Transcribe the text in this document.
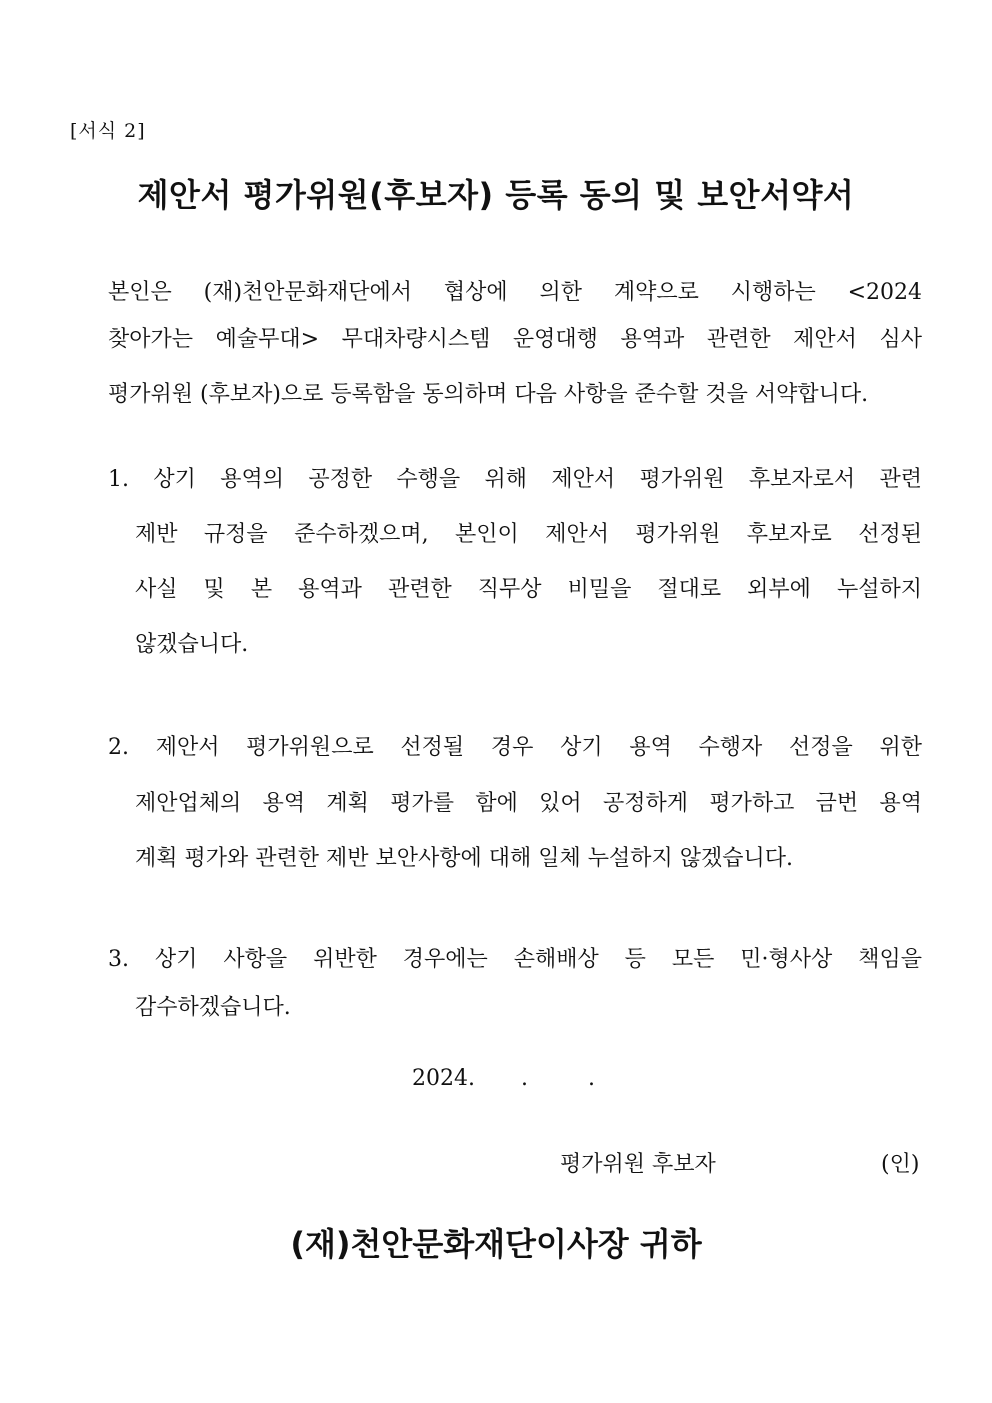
[서식 2]
제안서 평가위원(후보자) 등록 동의 및 보안서약서
본인은 (재)천안문화재단에서 협상에 의한 계약으로 시행하는 <2024
찾아가는 예술무대> 무대차량시스템 운영대행 용역과 관련한 제안서 심사
평가위원 (후보자)으로 등록함을 동의하며 다음 사항을 준수할 것을 서약합니다.
1. 상기 용역의 공정한 수행을 위해 제안서 평가위원 후보자로서 관련
제반 규정을 준수하겠으며, 본인이 제안서 평가위원 후보자로 선정된
사실 및 본 용역과 관련한 직무상 비밀을 절대로 외부에 누설하지
않겠습니다.
2. 제안서 평가위원으로 선정될 경우 상기 용역 수행자 선정을 위한
제안업체의 용역 계획 평가를 함에 있어 공정하게 평가하고 금번 용역
계획 평가와 관련한 제반 보안사항에 대해 일체 누설하지 않겠습니다.
3. 상기 사항을 위반한 경우에는 손해배상 등 모든 민·형사상 책임을
감수하겠습니다.
2024. .	.
평가위원 후보자	(인)
(재)천안문화재단이사장 귀하
